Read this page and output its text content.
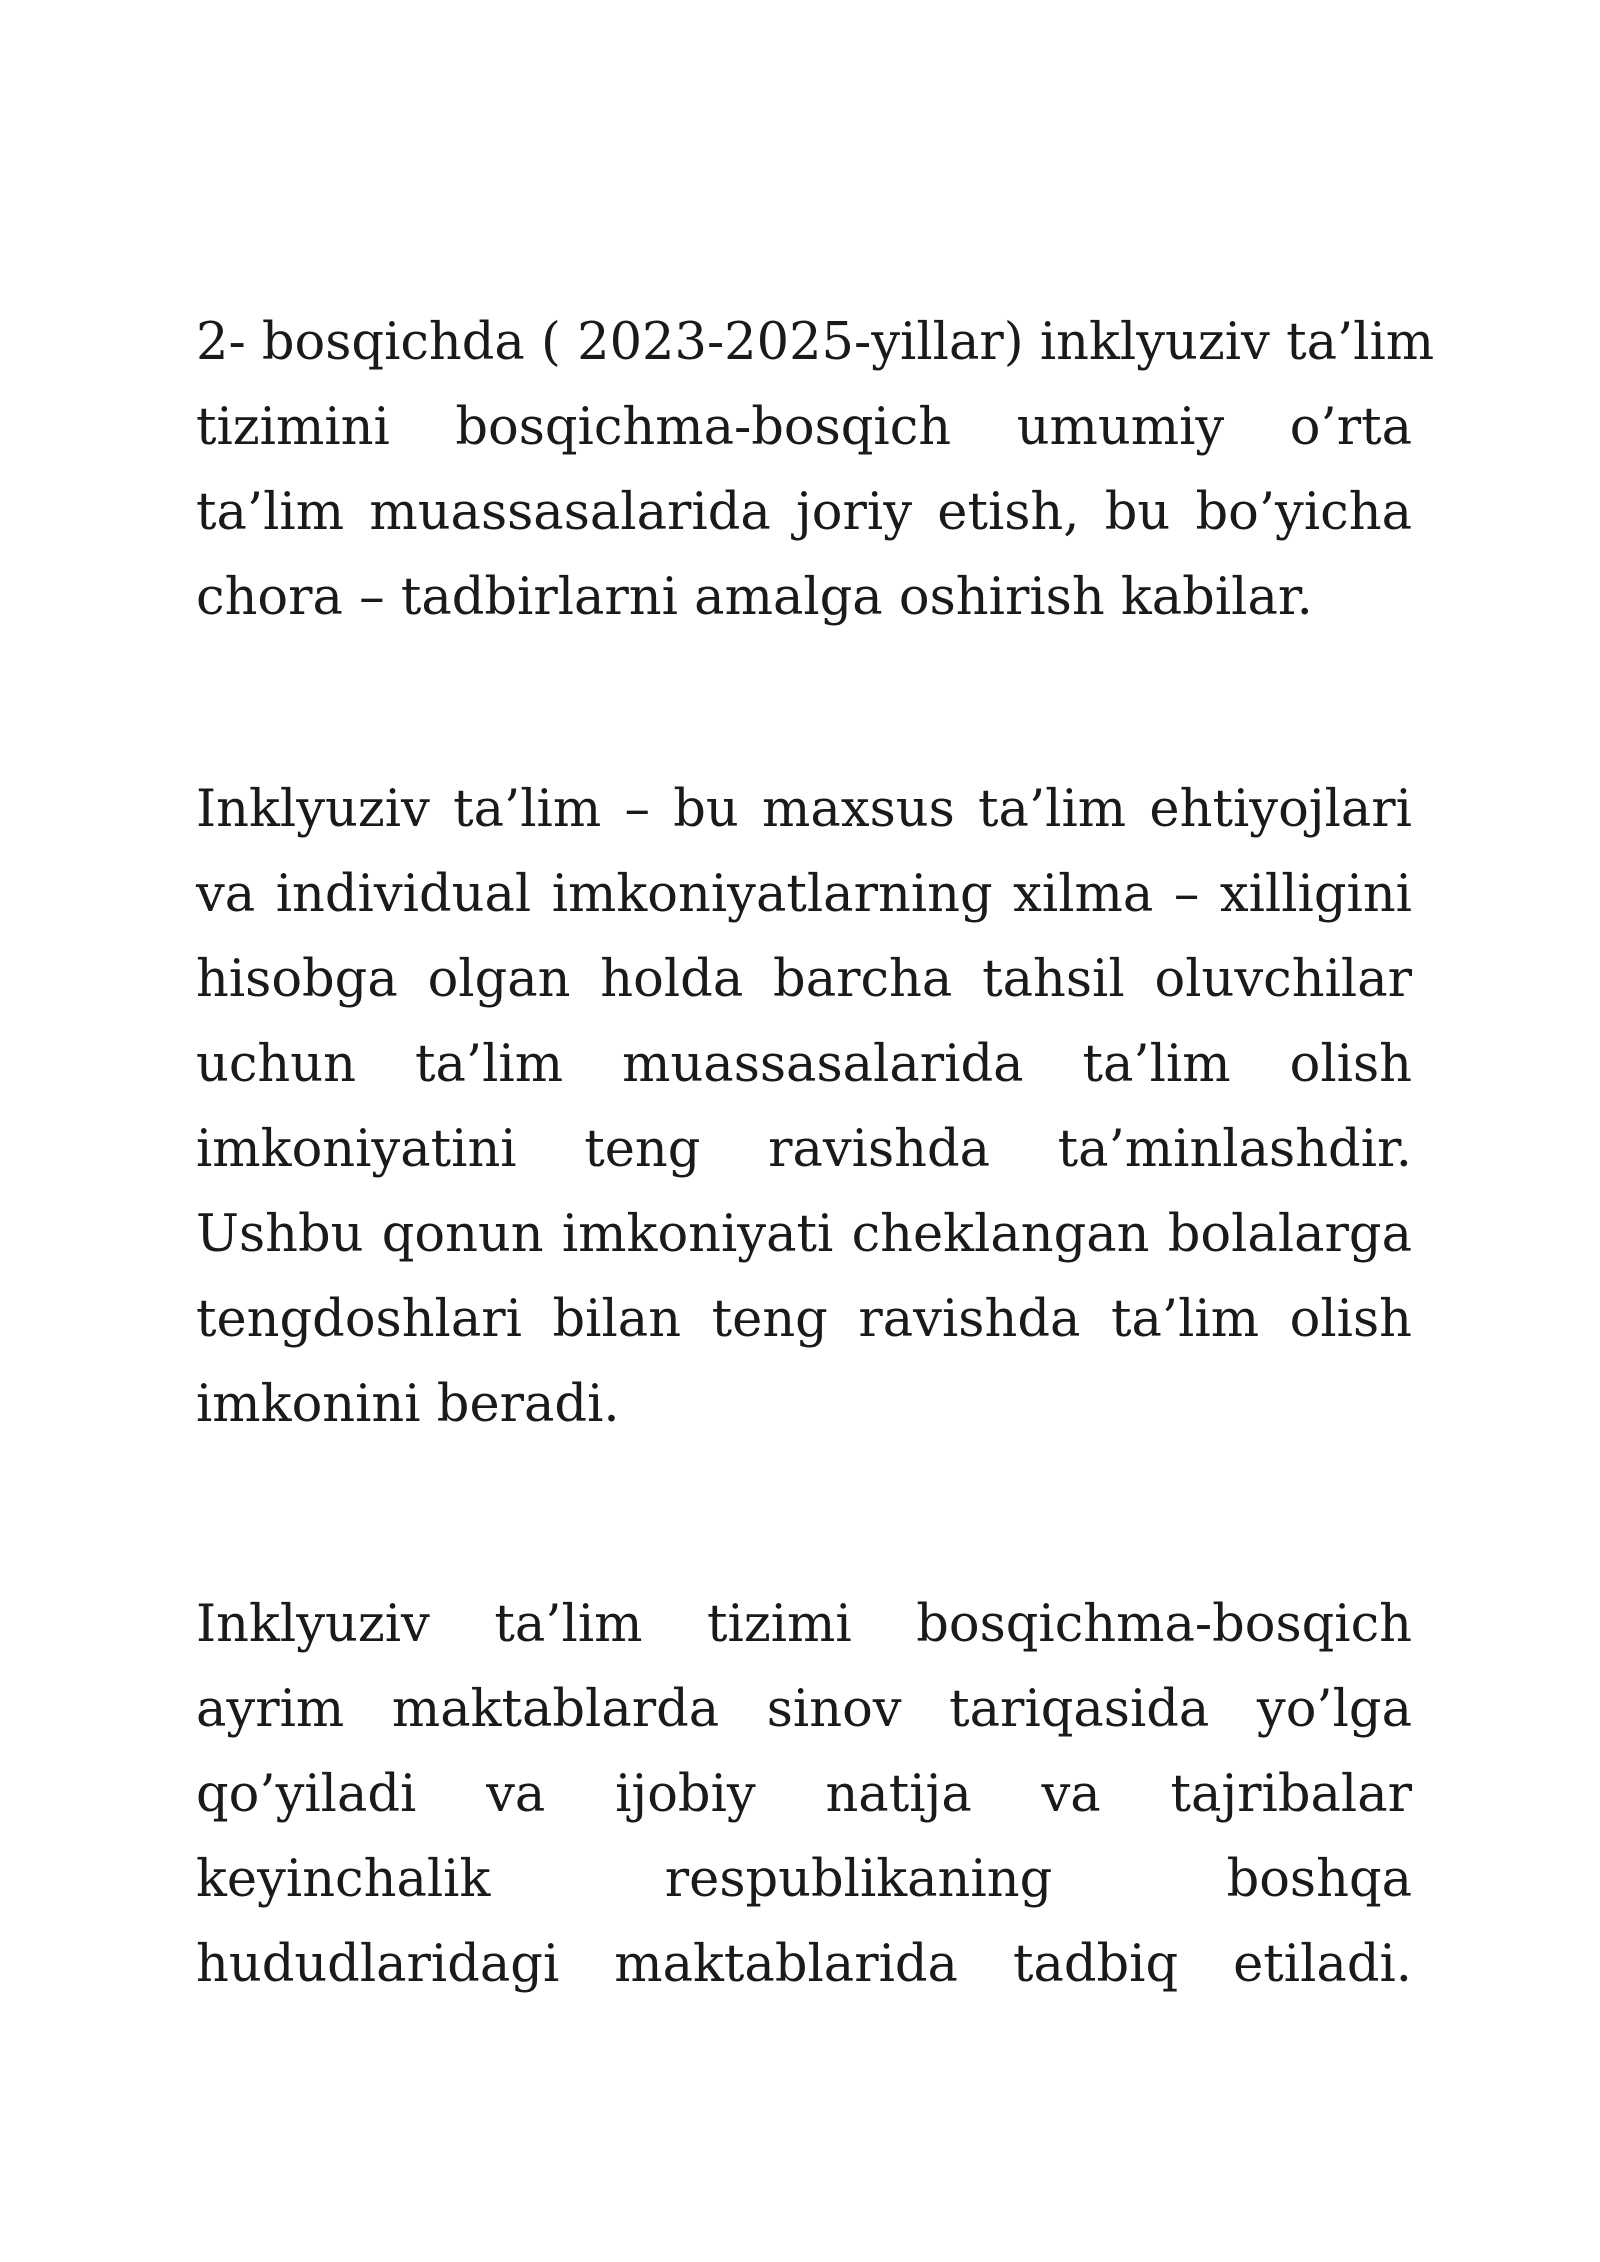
2- bosqichda ( 2023-2025-yillar) inklyuziv ta’lim
tizimini bosqichma-bosqich umumiy o’rta
ta’lim muassasalarida joriy etish, bu bo’yicha
chora – tadbirlarni amalga oshirish kabilar.
Inklyuziv ta’lim – bu maxsus ta’lim ehtiyojlari
va individual imkoniyatlarning xilma – xilligini
hisobga olgan holda barcha tahsil oluvchilar
uchun ta’lim muassasalarida ta’lim olish
imkoniyatini teng ravishda ta’minlashdir.
Ushbu qonun imkoniyati cheklangan bolalarga
tengdoshlari bilan teng ravishda ta’lim olish
imkonini beradi.
Inklyuziv ta’lim tizimi bosqichma-bosqich
ayrim maktablarda sinov tariqasida yo’lga
qo’yiladi va ijobiy natija va tajribalar
keyinchalik respublikaning boshqa
hududlaridagi maktablarida tadbiq etiladi.
